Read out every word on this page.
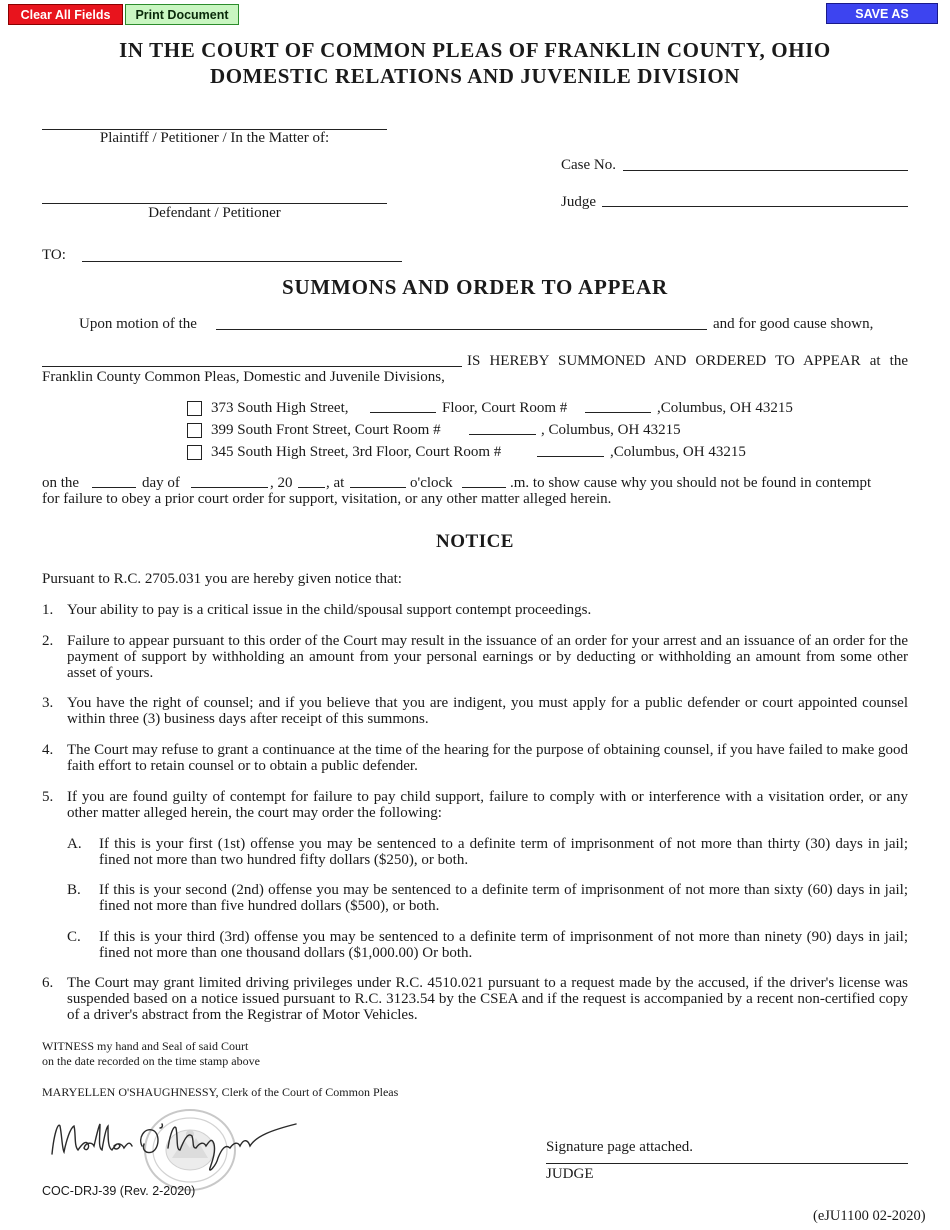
Clear All Fields	Print Document	SAVE AS
IN THE COURT OF COMMON PLEAS OF FRANKLIN COUNTY, OHIO
DOMESTIC RELATIONS AND JUVENILE DIVISION
Plaintiff / Petitioner / In the Matter of:
Case No.
Judge
Defendant / Petitioner
TO:
SUMMONS AND ORDER TO APPEAR
Upon motion of the	and for good cause shown,
IS HEREBY SUMMONED AND ORDERED TO APPEAR at the
Franklin County Common Pleas, Domestic and Juvenile Divisions,
373 South High Street,	Floor, Court Room #	,Columbus, OH 43215
399 South Front Street, Court Room #	, Columbus, OH 43215
345 South High Street, 3rd Floor, Court Room #	,Columbus, OH 43215
on the	day of	, 20 , at	o'clock	.m. to show cause why you should not be found in contempt
for failure to obey a prior court order for support, visitation, or any other matter alleged herein.
NOTICE
Pursuant to R.C. 2705.031 you are hereby given notice that:
1. Your ability to pay is a critical issue in the child/spousal support contempt proceedings.
2. Failure to appear pursuant to this order of the Court may result in the issuance of an order for your arrest and an issuance of an order for the payment of support by withholding an amount from your personal earnings or by deducting or withholding an amount from some other asset of yours.
3. You have the right of counsel; and if you believe that you are indigent, you must apply for a public defender or court appointed counsel within three (3) business days after receipt of this summons.
4. The Court may refuse to grant a continuance at the time of the hearing for the purpose of obtaining counsel, if you have failed to make good faith effort to retain counsel or to obtain a public defender.
5. If you are found guilty of contempt for failure to pay child support, failure to comply with or interference with a visitation order, or any other matter alleged herein, the court may order the following:
A. If this is your first (1st) offense you may be sentenced to a definite term of imprisonment of not more than thirty (30) days in jail; fined not more than two hundred fifty dollars ($250), or both.
B. If this is your second (2nd) offense you may be sentenced to a definite term of imprisonment of not more than sixty (60) days in jail; fined not more than five hundred dollars ($500), or both.
C. If this is your third (3rd) offense you may be sentenced to a definite term of imprisonment of not more than ninety (90) days in jail; fined not more than one thousand dollars ($1,000.00) Or both.
6. The Court may grant limited driving privileges under R.C. 4510.021 pursuant to a request made by the accused, if the driver's license was suspended based on a notice issued pursuant to R.C. 3123.54 by the CSEA and if the request is accompanied by a recent non-certified copy of a driver's abstract from the Registrar of Motor Vehicles.
WITNESS my hand and Seal of said Court
on the date recorded on the time stamp above
MARYELLEN O'SHAUGHNESSY, Clerk of the Court of Common Pleas
COC-DRJ-39 (Rev. 2-2020)
Signature page attached.
JUDGE
(eJU1100 02-2020)
